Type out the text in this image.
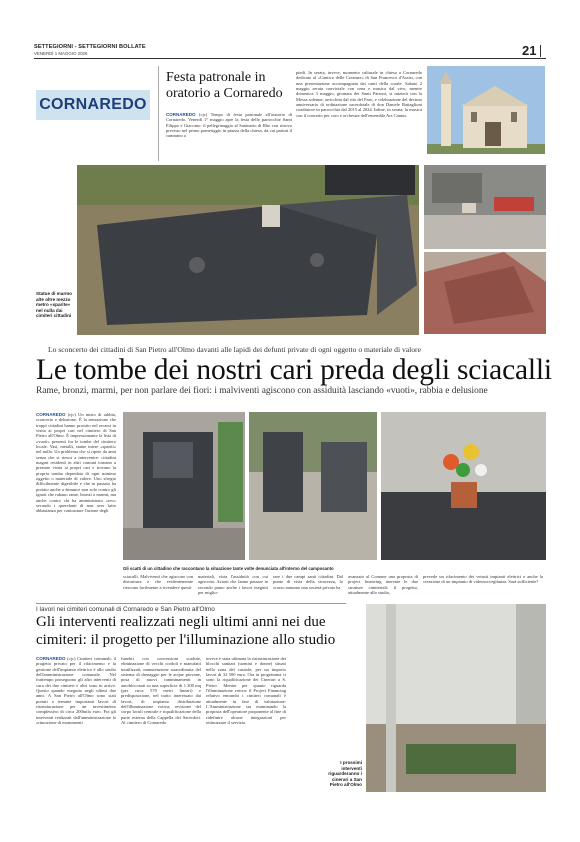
SETTEGIORNI - SETTEGIORNI BOLLATE
VENERDÌ 1 MAGGIO 2026	21
CORNAREDO
Festa patronale in oratorio a Cornaredo
CORNAREDO (cjc) Tempo di festa patronale all'oratorio di Cornaredo. Venerdì 1° maggio apre la festa delle parrocchie Santi Filippo e Giacomo: il pellegrinaggio al Santuario di Rho con ritrovo previsto nel primo pomeriggio in piazza della chiesa, da cui partirà il cammino a
piedi. In serata, invece, momento culturale in chiesa a Cornaredo dedicato al «Cantico delle Creature» di San Francesco d'Assisi, con una presentazione accompagnata dai canti della corale. Sabato 2 maggio serata conviviale con cena e musica dal vivo, mentre domenica 3 maggio, giornata dei Santi Patroni, si inizierà con la Messa solenne, arricchita dal rito del Faro, e celebrazione del decimo anniversario di ordinazione sacerdotale di don Daniele Battaglioni coadiutore in parrocchia dal 2015 al 2024. Infine, in serata, la musica con il concerto per coro e orchestra dell'ensemble Ars Cantus.
Statue di marmo alte oltre mezzo metro «sparite» nel nulla dai cimiteri cittadini
Lo sconcerto dei cittadini di San Pietro all'Olmo davanti alle lapidi dei defunti private di ogni oggetto o materiale di valore
Le tombe dei nostri cari preda degli sciacalli
Rame, bronzi, marmi, per non parlare dei fiori: i malviventi agiscono con assiduità lasciando «vuoti», rabbia e delusione
CORNAREDO (cjc) Un misto di rabbia, sconcerto e delusione. È la sensazione che troppi cittadini hanno provato nel recarsi in visita ai propri cari nel cimitero di San Pietro all'Olmo. È impressionante la lista di «vuoti» presenti fra le tombe del cimitero locale. Vasi, metalli, statue intere «spariti» nel nulla. Un problema che si ripete da anni senza che si riesca a intervenire: cittadini magari residenti in altri comuni tornano a prestare visita ai propri cari e trovano la propria tomba depredata di ogni minimo oggetto o materiale di valore. Uno sfregio difficilmente digeribile e che in passato ha portato anche a denunce non solo contro gli ignoti che rubano rame, bronzi o marmi, ma anche contro chi ha amministrato «reo» secondo i querelanti di non aver fatto abbastanza per contrastare l'azione degli
Gli scatti di un cittadino che raccontano la situazione tante volte denunciata all'interno del camposanto
sciacalli. Malviventi che agiscono con distruttura e che evidentemente riescono facilmente a rivendere questi
materiali, vista l'assiduità con cui agiscono. Azioni che fanno passare in secondo piano anche i lavori eseguiti per miglio-
rare i due campi santi cittadini. Dal punto di vista della sicurezza, lo scorso autunno una società privata ha
avanzato al Comune una proposta di project financing inerente le due strutture cimiteriali: il progetto, attualmente allo studio,
prevede un rifacimento dei vetusti impianti elettrici e anche la creazione di un impianto di videosorveglianza. Sarà sufficiente?
I lavori nei cimiteri comunali di Cornaredo e San Pietro all'Olmo
Gli interventi realizzati negli ultimi anni nei due cimiteri: il progetto per l'illuminazione allo studio
CORNAREDO (cjc) Cimiteri comunali: il progetto privato per il rifacimento e la gestione dell'impianto elettrico è allo studio dell'amministrazione comunale. Nel frattempo proseguono gli altri interventi di cura dei due cimiteri e altri sono in arrivo. Questo quando eseguito negli ultimi due anni. A San Pietro all'Olmo sono stati portati a termine importanti lavori di ristrutturazione per un investimento complessivo di circa 200mila euro. Fra gli interventi realizzati dall'amministrazione la «rimozione di monumenti
funebri con concessioni scadute, eliminazione di vecchi cordoli e manufatti inutilizzati, manutenzione straordinaria del sistema di drenaggio per le acque piovane, posa di nuovi camminamenti in autobloccanti su una superficie di 1.300 mq (per circa 570 metri lineari) e predisposizione, nel tratto interessato dai lavori, di impianto distribuzione dell'illuminazione votiva; revisione del corpo loculi centrale e riqualificazione della parte esterna della Cappella dei Sacerdoti. Al cimitero di Cornaredo
invece è stata ultimata la ristrutturazione dei blocchi sanitari (uomini e donne) situati nella zona del custode, per un importo lavori di 32 500 euro. Ora in programma ci sono la riqualificazione dei Cinerari a S. Pietro. Mentre per quanto riguarda l'illuminazione votiva: il Project Financing relativo entrambi i cimiteri comunali è attualmente in fase di valutazione: L'Amministrazione sta esaminando la proposta dell'operatore proponente al fine di ridefinire alcune integrazioni per ottimizzare il servizio.
I prossimi interventi riguarderanno i cinerari a San Pietro all'Olmo
